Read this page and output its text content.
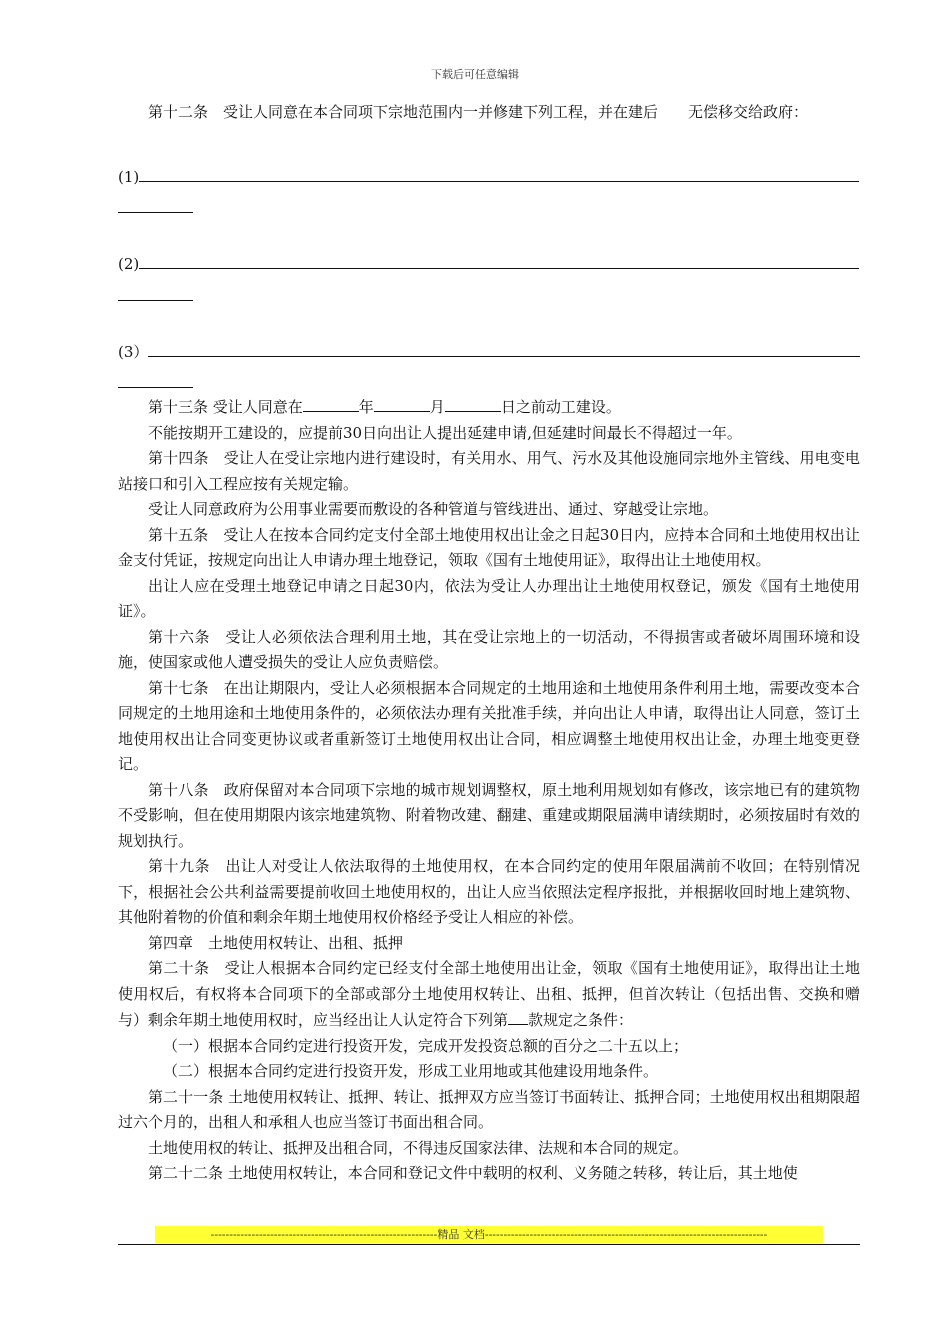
下载后可任意编辑

第十二条　受让人同意在本合同项下宗地范围内一并修建下列工程，并在建后　　无偿移交给政府：

(1)
(2)
(3）

第十三条 受让人同意在	年	月	日之前动工建设。

不能按期开工建设的，应提前30日向出让人提出延建申请,但延建时间最长不得超过一年。

第十四条　受让人在受让宗地内进行建设时，有关用水、用气、污水及其他设施同宗地外主管线、用电变电站接口和引入工程应按有关规定输。

受让人同意政府为公用事业需要而敷设的各种管道与管线进出、通过、穿越受让宗地。

第十五条　受让人在按本合同约定支付全部土地使用权出让金之日起30日内，应持本合同和土地使用权出让金支付凭证，按规定向出让人申请办理土地登记，领取《国有土地使用证》，取得出让土地使用权。

出让人应在受理土地登记申请之日起30内，依法为受让人办理出让土地使用权登记，颁发《国有土地使用证》。

第十六条　受让人必须依法合理利用土地，其在受让宗地上的一切活动，不得损害或者破坏周围环境和设施，使国家或他人遭受损失的受让人应负责赔偿。

第十七条　在出让期限内，受让人必须根据本合同规定的土地用途和土地使用条件利用土地，需要改变本合同规定的土地用途和土地使用条件的，必须依法办理有关批准手续，并向出让人申请，取得出让人同意，签订土地使用权出让合同变更协议或者重新签订土地使用权出让合同，相应调整土地使用权出让金，办理土地变更登记。

第十八条　政府保留对本合同项下宗地的城市规划调整权，原土地利用规划如有修改，该宗地已有的建筑物不受影响，但在使用期限内该宗地建筑物、附着物改建、翻建、重建或期限届满申请续期时，必须按届时有效的规划执行。

第十九条　出让人对受让人依法取得的土地使用权，在本合同约定的使用年限届满前不收回；在特别情况下，根据社会公共利益需要提前收回土地使用权的，出让人应当依照法定程序报批，并根据收回时地上建筑物、其他附着物的价值和剩余年期土地使用权价格经予受让人相应的补偿。

第四章　土地使用权转让、出租、抵押

第二十条　受让人根据本合同约定已经支付全部土地使用出让金，领取《国有土地使用证》，取得出让土地使用权后，有权将本合同项下的全部或部分土地使用权转让、出租、抵押，但首次转让（包括出售、交换和赠与）剩余年期土地使用权时，应当经出让人认定符合下列第 款规定之条件：

（一）根据本合同约定进行投资开发，完成开发投资总额的百分之二十五以上；

（二）根据本合同约定进行投资开发，形成工业用地或其他建设用地条件。

第二十一条 土地使用权转让、抵押、转让、抵押双方应当签订书面转让、抵押合同；土地使用权出租期限超过六个月的，出租人和承租人也应当签订书面出租合同。

土地使用权的转让、抵押及出租合同，不得违反国家法律、法规和本合同的规定。

第二十二条 土地使用权转让，本合同和登记文件中载明的权利、义务随之转移，转让后，其土地使

-------------------------------------------------------------精品 文档----------------------------------------------------------------------------
